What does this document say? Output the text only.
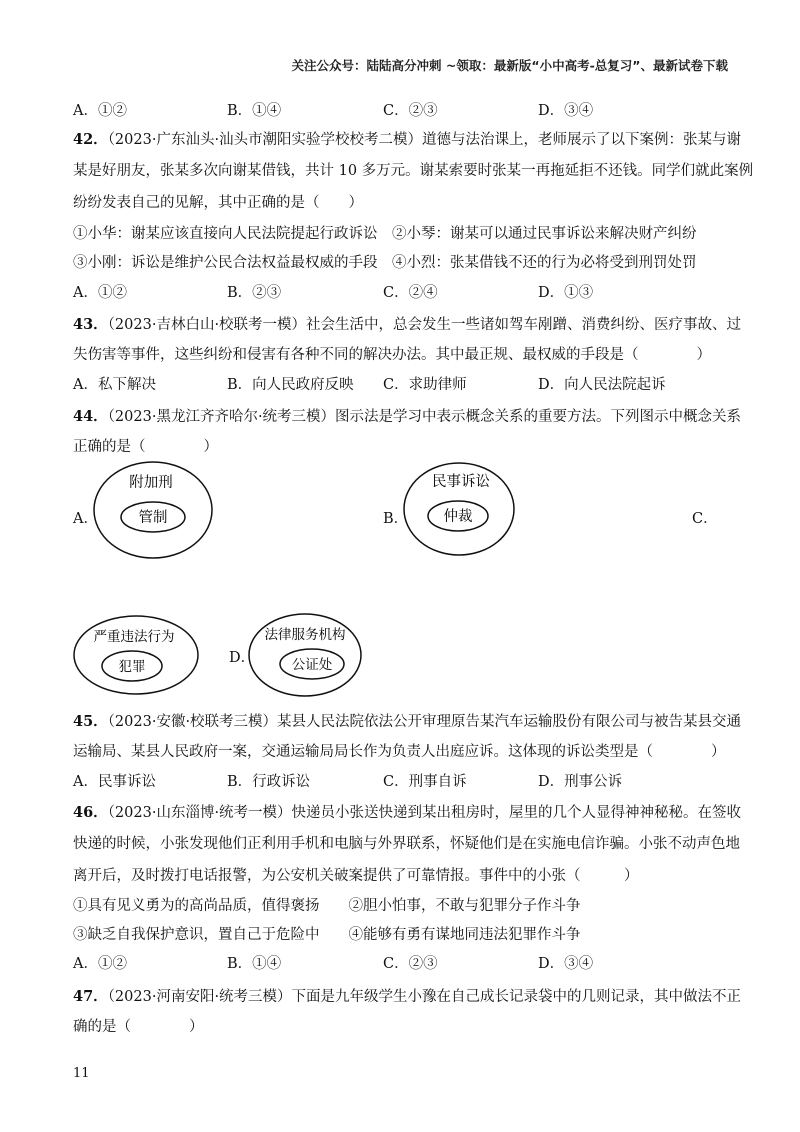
关注公众号：陆陆高分冲刺 ~领取：最新版“小中高考-总复习”、最新试卷下载
A．①②	B．①④	C．②③	D．③④
42．（2023·广东汕头·汕头市潮阳实验学校校考二模）道德与法治课上，老师展示了以下案例：张某与谢
某是好朋友，张某多次向谢某借钱，共计 10 多万元。谢某索要时张某一再拖延拒不还钱。同学们就此案例
纷纷发表自己的见解，其中正确的是（　　）
①小华：谢某应该直接向人民法院提起行政诉讼　②小琴：谢某可以通过民事诉讼来解决财产纠纷
③小刚：诉讼是维护公民合法权益最权威的手段　④小烈：张某借钱不还的行为必将受到刑罚处罚
A．①②	B．②③	C．②④	D．①③
43．（2023·吉林白山·校联考一模）社会生活中，总会发生一些诸如驾车剐蹭、消费纠纷、医疗事故、过
失伤害等事件，这些纠纷和侵害有各种不同的解决办法。其中最正规、最权威的手段是（　　　　）
A．私下解决	B．向人民政府反映 C．求助律师	D．向人民法院起诉
44．（2023·黑龙江齐齐哈尔·统考三模）图示法是学习中表示概念关系的重要方法。下列图示中概念关系
正确的是（　　　　）
A．
附加刑
管制	B．
民事诉讼
仲裁	C．
严重违法行为
犯罪
D．
法律服务机构
公证处
45．（2023·安徽·校联考三模）某县人民法院依法公开审理原告某汽车运输股份有限公司与被告某县交通
运输局、某县人民政府一案，交通运输局局长作为负责人出庭应诉。这体现的诉讼类型是（　　　　）
A．民事诉讼	B．行政诉讼	C．刑事自诉	D．刑事公诉
46．（2023·山东淄博·统考一模）快递员小张送快递到某出租房时，屋里的几个人显得神神秘秘。在签收
快递的时候，小张发现他们正利用手机和电脑与外界联系，怀疑他们是在实施电信诈骗。小张不动声色地
离开后，及时拨打电话报警，为公安机关破案提供了可靠情报。事件中的小张（　　　）
①具有见义勇为的高尚品质，值得褒扬　　②胆小怕事，不敢与犯罪分子作斗争
③缺乏自我保护意识，置自己于危险中　　④能够有勇有谋地同违法犯罪作斗争
A．①②	B．①④	C．②③	D．③④
47．（2023·河南安阳·统考三模）下面是九年级学生小豫在自己成长记录袋中的几则记录，其中做法不正
确的是（　　　　）
11
